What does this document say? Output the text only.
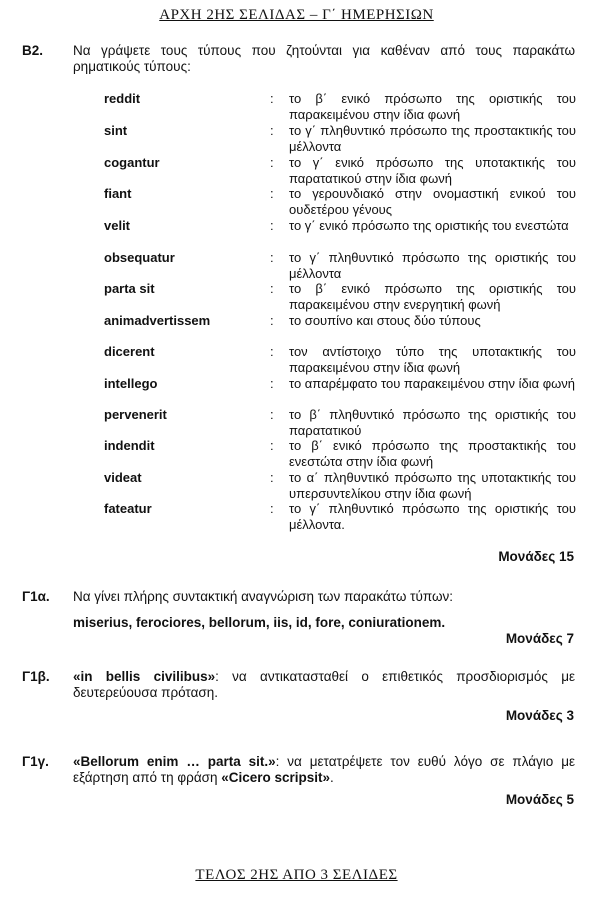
ΑΡΧΗ 2ΗΣ ΣΕΛΙΔΑΣ – Γ΄ ΗΜΕΡΗΣΙΩΝ
Β2. Να γράψετε τους τύπους που ζητούνται για καθέναν από τους παρακάτω ρηματικούς τύπους:
reddit	: το β΄ ενικό πρόσωπο της οριστικής του παρακειμένου στην ίδια φωνή
sint	: το γ΄ πληθυντικό πρόσωπο της προστακτικής του μέλλοντα
cogantur	: το γ΄ ενικό πρόσωπο της υποτακτικής του παρατατικού στην ίδια φωνή
fiant	: το γερουνδιακό στην ονομαστική ενικού του ουδετέρου γένους
velit	: το γ΄ ενικό πρόσωπο της οριστικής του ενεστώτα
obsequatur	: το γ΄ πληθυντικό πρόσωπο της οριστικής του μέλλοντα
parta sit	: το β΄ ενικό πρόσωπο της οριστικής του παρακειμένου στην ενεργητική φωνή
animadvertissem	: το σουπίνο και στους δύο τύπους
dicerent	: τον αντίστοιχο τύπο της υποτακτικής του παρακειμένου στην ίδια φωνή
intellego	: το απαρέμφατο του παρακειμένου στην ίδια φωνή
pervenerit	: το β΄ πληθυντικό πρόσωπο της οριστικής του παρατατικού
indendit	: το β΄ ενικό πρόσωπο της προστακτικής του ενεστώτα στην ίδια φωνή
videat	: το α΄ πληθυντικό πρόσωπο της υποτακτικής του υπερσυντελίκου στην ίδια φωνή
fateatur	: το γ΄ πληθυντικό πρόσωπο της οριστικής του μέλλοντα.
Μονάδες 15
Γ1α. Να γίνει πλήρης συντακτική αναγνώριση των παρακάτω τύπων:
miserius, ferociores, bellorum, iis, id, fore, coniurationem.
Μονάδες 7
Γ1β. «in bellis civilibus»: να αντικατασταθεί ο επιθετικός προσδιορισμός με δευτερεύουσα πρόταση.
Μονάδες 3
Γ1γ. «Bellorum enim … parta sit.»: να μετατρέψετε τον ευθύ λόγο σε πλάγιο με εξάρτηση από τη φράση «Cicero scripsit».
Μονάδες 5
ΤΕΛΟΣ 2ΗΣ ΑΠΟ 3 ΣΕΛΙΔΕΣ
